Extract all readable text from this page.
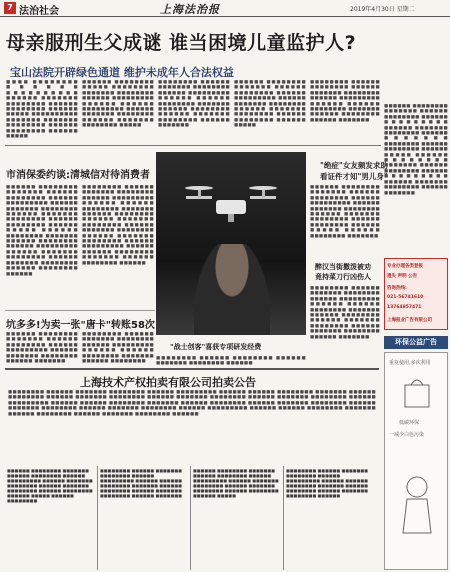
7 法治社会	上海法治报	2019年4月30日 星期二
母亲服刑生父成谜 谁当困境儿童监护人?
宝山法院开辟绿色通道 维护未成年人合法权益

■■■■ ■■■■■■■■ ■■■■■■ ■■■■■■■■■■ ■■■■■■ ■■■■■■■ ■■■■■■■■ ■■■■■■ ■■■■■■■■ ■■■■■■ ■■■■■ ■■■■■■■■■■ ■■■■■■■ ■■■■■■■ ■■■■■■■■ ■■■■■■ ■■■■■■■■ ■■■■■■ ■■■■■

■■■■■■ ■■■■■■■■ ■■■■■ ■■■■■■■■ ■■■■■■■ ■■■■■■■■ ■■■■■■ ■■■■■■■■■ ■■■■■■ ■■■■■■ ■■■■■■■■■ ■■■■■■ ■■■■■■■ ■■■■■■■■ ■■■■■■ ■■■■■■■ ■■■■■■■■ ■■■■■

■■■■■■■■ ■■■■■■ ■■■■■■■ ■■■■■■■■ ■■■■■■ ■■■■■■■■■ ■■■■■■ ■■■■■■ ■■■■■■■■ ■■■■■■■ ■■■■■■ ■■■■■■■■ ■■■■■■ ■■■■■■■ ■■■■■■■■ ■■■■■■ ■■■■■■■

■■■■■■ ■■■■■■■■ ■■■■■■■ ■■■■■■ ■■■■■■■■ ■■■■■■ ■■■■■■■■■ ■■■■■■ ■■■■■■■ ■■■■■■■■ ■■■■■■ ■■■■■■■ ■■■■■■■■ ■■■■■■ ■■■■■■■■ ■■■■■■ ■■■■■

■■■■■■■■ ■■■■■■ ■■■■■■■■ ■■■■■■ ■■■■■■■ ■■■■■■■■ ■■■■■■ ■■■■■■■■■ ■■■■■■ ■■■■■■ ■■■■■■■■ ■■■■■■■ ■■■■■■ ■■■■■■■■ ■■■■■■ ■■■■■■■

市消保委约谈:清城信对待消费者

■■■■■■ ■■■■■■■■ ■■■■■■■ ■■■■■■ ■■■■■■■■ ■■■■■■ ■■■■■■■■■ ■■■■■■ ■■■■■■■ ■■■■■■■■ ■■■■■■ ■■■■■■■ ■■■■■■■■ ■■■■■■ ■■■■■■■■ ■■■■■■ ■■■■■ ■■■■■■ ■■■■■■■■ ■■■■■■■ ■■■■■■ ■■■■■■■■ ■■■■■■ ■■■■■■■■■ ■■■■■■ ■■■■■■■ ■■■■■■■■ ■■■■■■ ■■■■■■■ ■■■■■■■■ ■■■■■■ ■■■■■■■■ ■■■■■■

■■■■■■■■ ■■■■■■ ■■■■■■■ ■■■■■■■■ ■■■■■■ ■■■■■■■■■ ■■■■■■ ■■■■■■ ■■■■■■■■ ■■■■■■■ ■■■■■■ ■■■■■■■■ ■■■■■■ ■■■■■■■ ■■■■■■■■ ■■■■■■ ■■■■■■■ ■■■■■■■■ ■■■■■■ ■■■■■■■ ■■■■■■■■ ■■■■■■ ■■■■■■■■■ ■■■■■■ ■■■■■■ ■■■■■■■■ ■■■■■■■ ■■■■■■ ■■■■■■■■ ■■■■■■

坑多多!为卖一张"唐卡"转账58次

■■■■■■ ■■■■■■■■ ■■■■■■■ ■■■■■■ ■■■■■■■■ ■■■■■■ ■■■■■■■■■ ■■■■■■ ■■■■■■■ ■■■■■■■■ ■■■■■■ ■■■■■■■

■■■■■■■■ ■■■■■■ ■■■■■■■ ■■■■■■■■ ■■■■■■ ■■■■■■■■■ ■■■■■■ ■■■■■■ ■■■■■■■■ ■■■■■■■ ■■■■■■ ■■■■■■■■

"战士创客"喜获专项研发经费

■■■■■■■■ ■■■■■■ ■■■■■■■■ ■■■■■■ ■■■■■■■ ■■■■■■■■ ■■■■■■

"绝症"女友频发求助
看证件才知"男儿身"

■■■■■■ ■■■■■■■■ ■■■■■■■ ■■■■■■ ■■■■■■■■ ■■■■■■ ■■■■■■■■■ ■■■■■■ ■■■■■■■ ■■■■■■■■ ■■■■■■ ■■■■■■■ ■■■■■■■■ ■■■■■■ ■■■■■■■■ ■■■■■■ ■■■■■ ■■■■■■ ■■■■■■■■ ■■■■■■■

醉汉当街撒泼被劝
竟持菜刀行凶伤人

■■■■■■■■ ■■■■■■ ■■■■■■■ ■■■■■■■■ ■■■■■■ ■■■■■■■■■ ■■■■■■ ■■■■■■ ■■■■■■■■ ■■■■■■■ ■■■■■■ ■■■■■■■■ ■■■■■■ ■■■■■■■ ■■■■■■■■ ■■■■■■ ■■■■■■■ ■■■■■■■■ ■■■■■■ ■■■■■■■

■■■■■■ ■■■■■■■■ ■■■■■■■ ■■■■■■ ■■■■■■■■ ■■■■■■ ■■■■■■■■■ ■■■■■■ ■■■■■■■ ■■■■■■■■ ■■■■■■ ■■■■■■■ ■■■■■■■■ ■■■■■■ ■■■■■■■■ ■■■■■■ ■■■■■ ■■■■■■ ■■■■■■■■ ■■■■■■■ ■■■■■■ ■■■■■■■■ ■■■■■■ ■■■■■■■■■ ■■■■■■ ■■■■■■■ ■■■■■■■■ ■■■■■■ ■■■■■■■

专业办理各类登报
遗失 声明 公告
咨询热线:
021-56741610
13764857471
上海报业广告有限公司
环保公益广告
重复使用,多次利用
低碳环保
一减少白色污染
上海技术产权拍卖有限公司拍卖公告

■■■■■■■■ ■■■■■■ ■■■■■■■ ■■■■■■■■ ■■■■■■ ■■■■■■■■■ ■■■■■■ ■■■■■■ ■■■■■■■■ ■■■■■■■ ■■■■■■ ■■■■■■■■ ■■■■■■ ■■■■■■■ ■■■■■■■■ ■■■■■■ ■■■■■■■ ■■■■■■■■ ■■■■■■ ■■■■■■■ ■■■■■■■■ ■■■■■■ ■■■■■■■■■ ■■■■■■ ■■■■■■ ■■■■■■■■ ■■■■■■■ ■■■■■■ ■■■■■■■■ ■■■■■■ ■■■■■■■ ■■■■■■■■ ■■■■■■ ■■■■■■■ ■■■■■■■■ ■■■■■■ ■■■■■■■ ■■■■■■■■ ■■■■■■ ■■■■■■■■■ ■■■■■■ ■■■■■■ ■■■■■■■■ ■■■■■■■ ■■■■■■ ■■■■■■■■ ■■■■■■ ■■■■■■■ ■■■■■■■■ ■■■■■■

■■■■■■ ■■■■■■■■ ■■■■■■■ ■■■■■■ ■■■■■■■■ ■■■■■■ ■■■■■■■■■ ■■■■■■ ■■■■■■■ ■■■■■■■■ ■■■■■■ ■■■■■■■ ■■■■■■■■ ■■■■■■ ■■■■■■■■ ■■■■■■ ■■■■■ ■■■■■■ ■■■■■■■■

■■■■■■■■ ■■■■■■ ■■■■■■■ ■■■■■■■■ ■■■■■■ ■■■■■■■■■ ■■■■■■ ■■■■■■ ■■■■■■■■ ■■■■■■■ ■■■■■■ ■■■■■■■■ ■■■■■■ ■■■■■■■ ■■■■■■■■ ■■■■■■ ■■■■■■■

■■■■■■ ■■■■■■■■ ■■■■■■■ ■■■■■■ ■■■■■■■■ ■■■■■■ ■■■■■■■■■ ■■■■■■ ■■■■■■■ ■■■■■■■■ ■■■■■■ ■■■■■■■ ■■■■■■■■ ■■■■■■ ■■■■■■■■ ■■■■■■ ■■■■■

■■■■■■■■ ■■■■■■ ■■■■■■■ ■■■■■■■■ ■■■■■■ ■■■■■■■■■ ■■■■■■ ■■■■■■ ■■■■■■■■ ■■■■■■■ ■■■■■■ ■■■■■■■■ ■■■■■■ ■■■■■■■ ■■■■■■■■ ■■■■■■
